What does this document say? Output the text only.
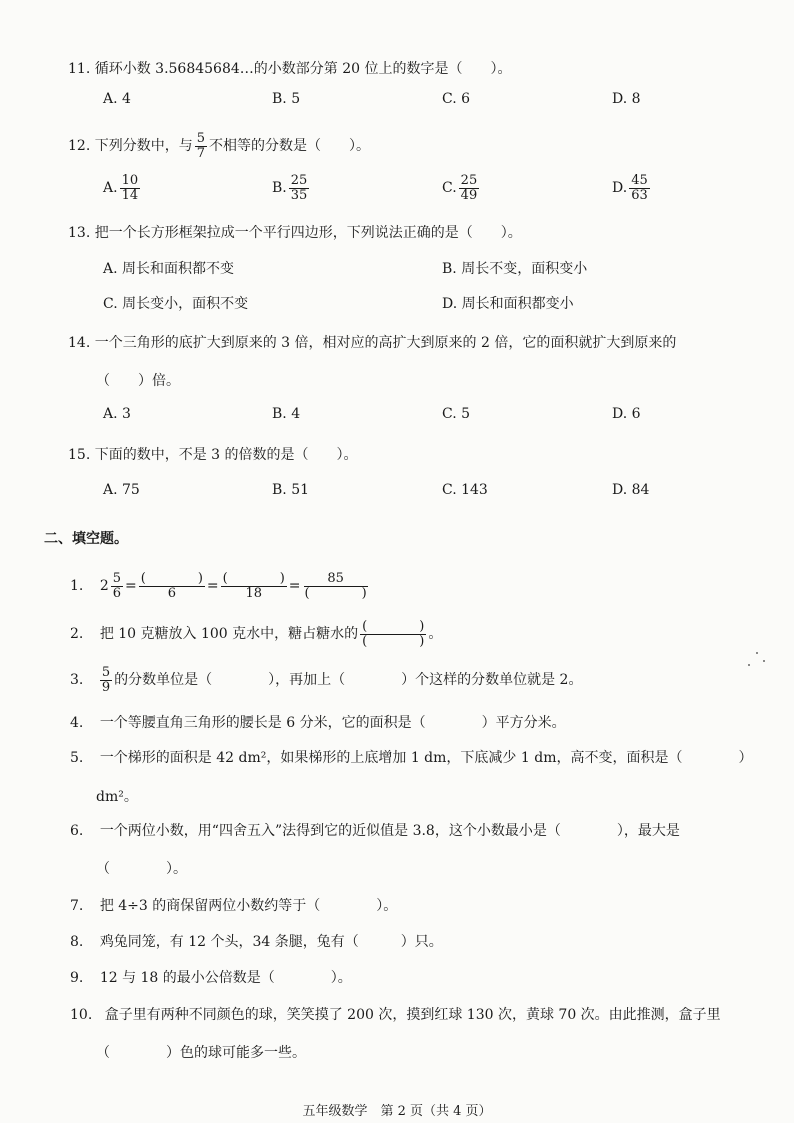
11. 循环小数 3.56845684…的小数部分第 20 位上的数字是（　　）。
A. 4	B. 5	C. 6	D. 8
12. 下列分数中，与 $\frac{5}{7}$ 不相等的分数是（　　）。
A. $\frac{10}{14}$	B. $\frac{25}{35}$	C. $\frac{25}{49}$	D. $\frac{45}{63}$
13. 把一个长方形框架拉成一个平行四边形，下列说法正确的是（　　）。
A. 周长和面积都不变	B. 周长不变，面积变小
C. 周长变小，面积不变	D. 周长和面积都变小
14. 一个三角形的底扩大到原来的 3 倍，相对应的高扩大到原来的 2 倍，它的面积就扩大到原来的
（　　）倍。
A. 3	B. 4	C. 5	D. 6
15. 下面的数中，不是 3 的倍数的是（　　）。
A. 75	B. 51	C. 143	D. 84
二、填空题。
1. $2 \frac{5}{6} = \frac{( )}{6} = \frac{( )}{18} = \frac{85}{( )}$
2. 把 10 克糖放入 100 克水中，糖占糖水的 $\frac{( )}{( )}$ 。
3. $\frac{5}{9}$ 的分数单位是（　　　　），再加上（　　　　）个这样的分数单位就是 2。
4. 一个等腰直角三角形的腰长是 6 分米，它的面积是（　　　　）平方分米。
5. 一个梯形的面积是 42 dm²，如果梯形的上底增加 1 dm，下底减少 1 dm，高不变，面积是（　　　　）
dm²。
6. 一个两位小数，用“四舍五入”法得到它的近似值是 3.8，这个小数最小是（　　　　），最大是
（　　　　）。
7. 把 4÷3 的商保留两位小数约等于（　　　　）。
8. 鸡兔同笼，有 12 个头，34 条腿，兔有（　　　）只。
9. 12 与 18 的最小公倍数是（　　　　）。
10. 盒子里有两种不同颜色的球，笑笑摸了 200 次，摸到红球 130 次，黄球 70 次。由此推测，盒子里
（　　　　）色的球可能多一些。
五年级数学　第 2 页（共 4 页）
